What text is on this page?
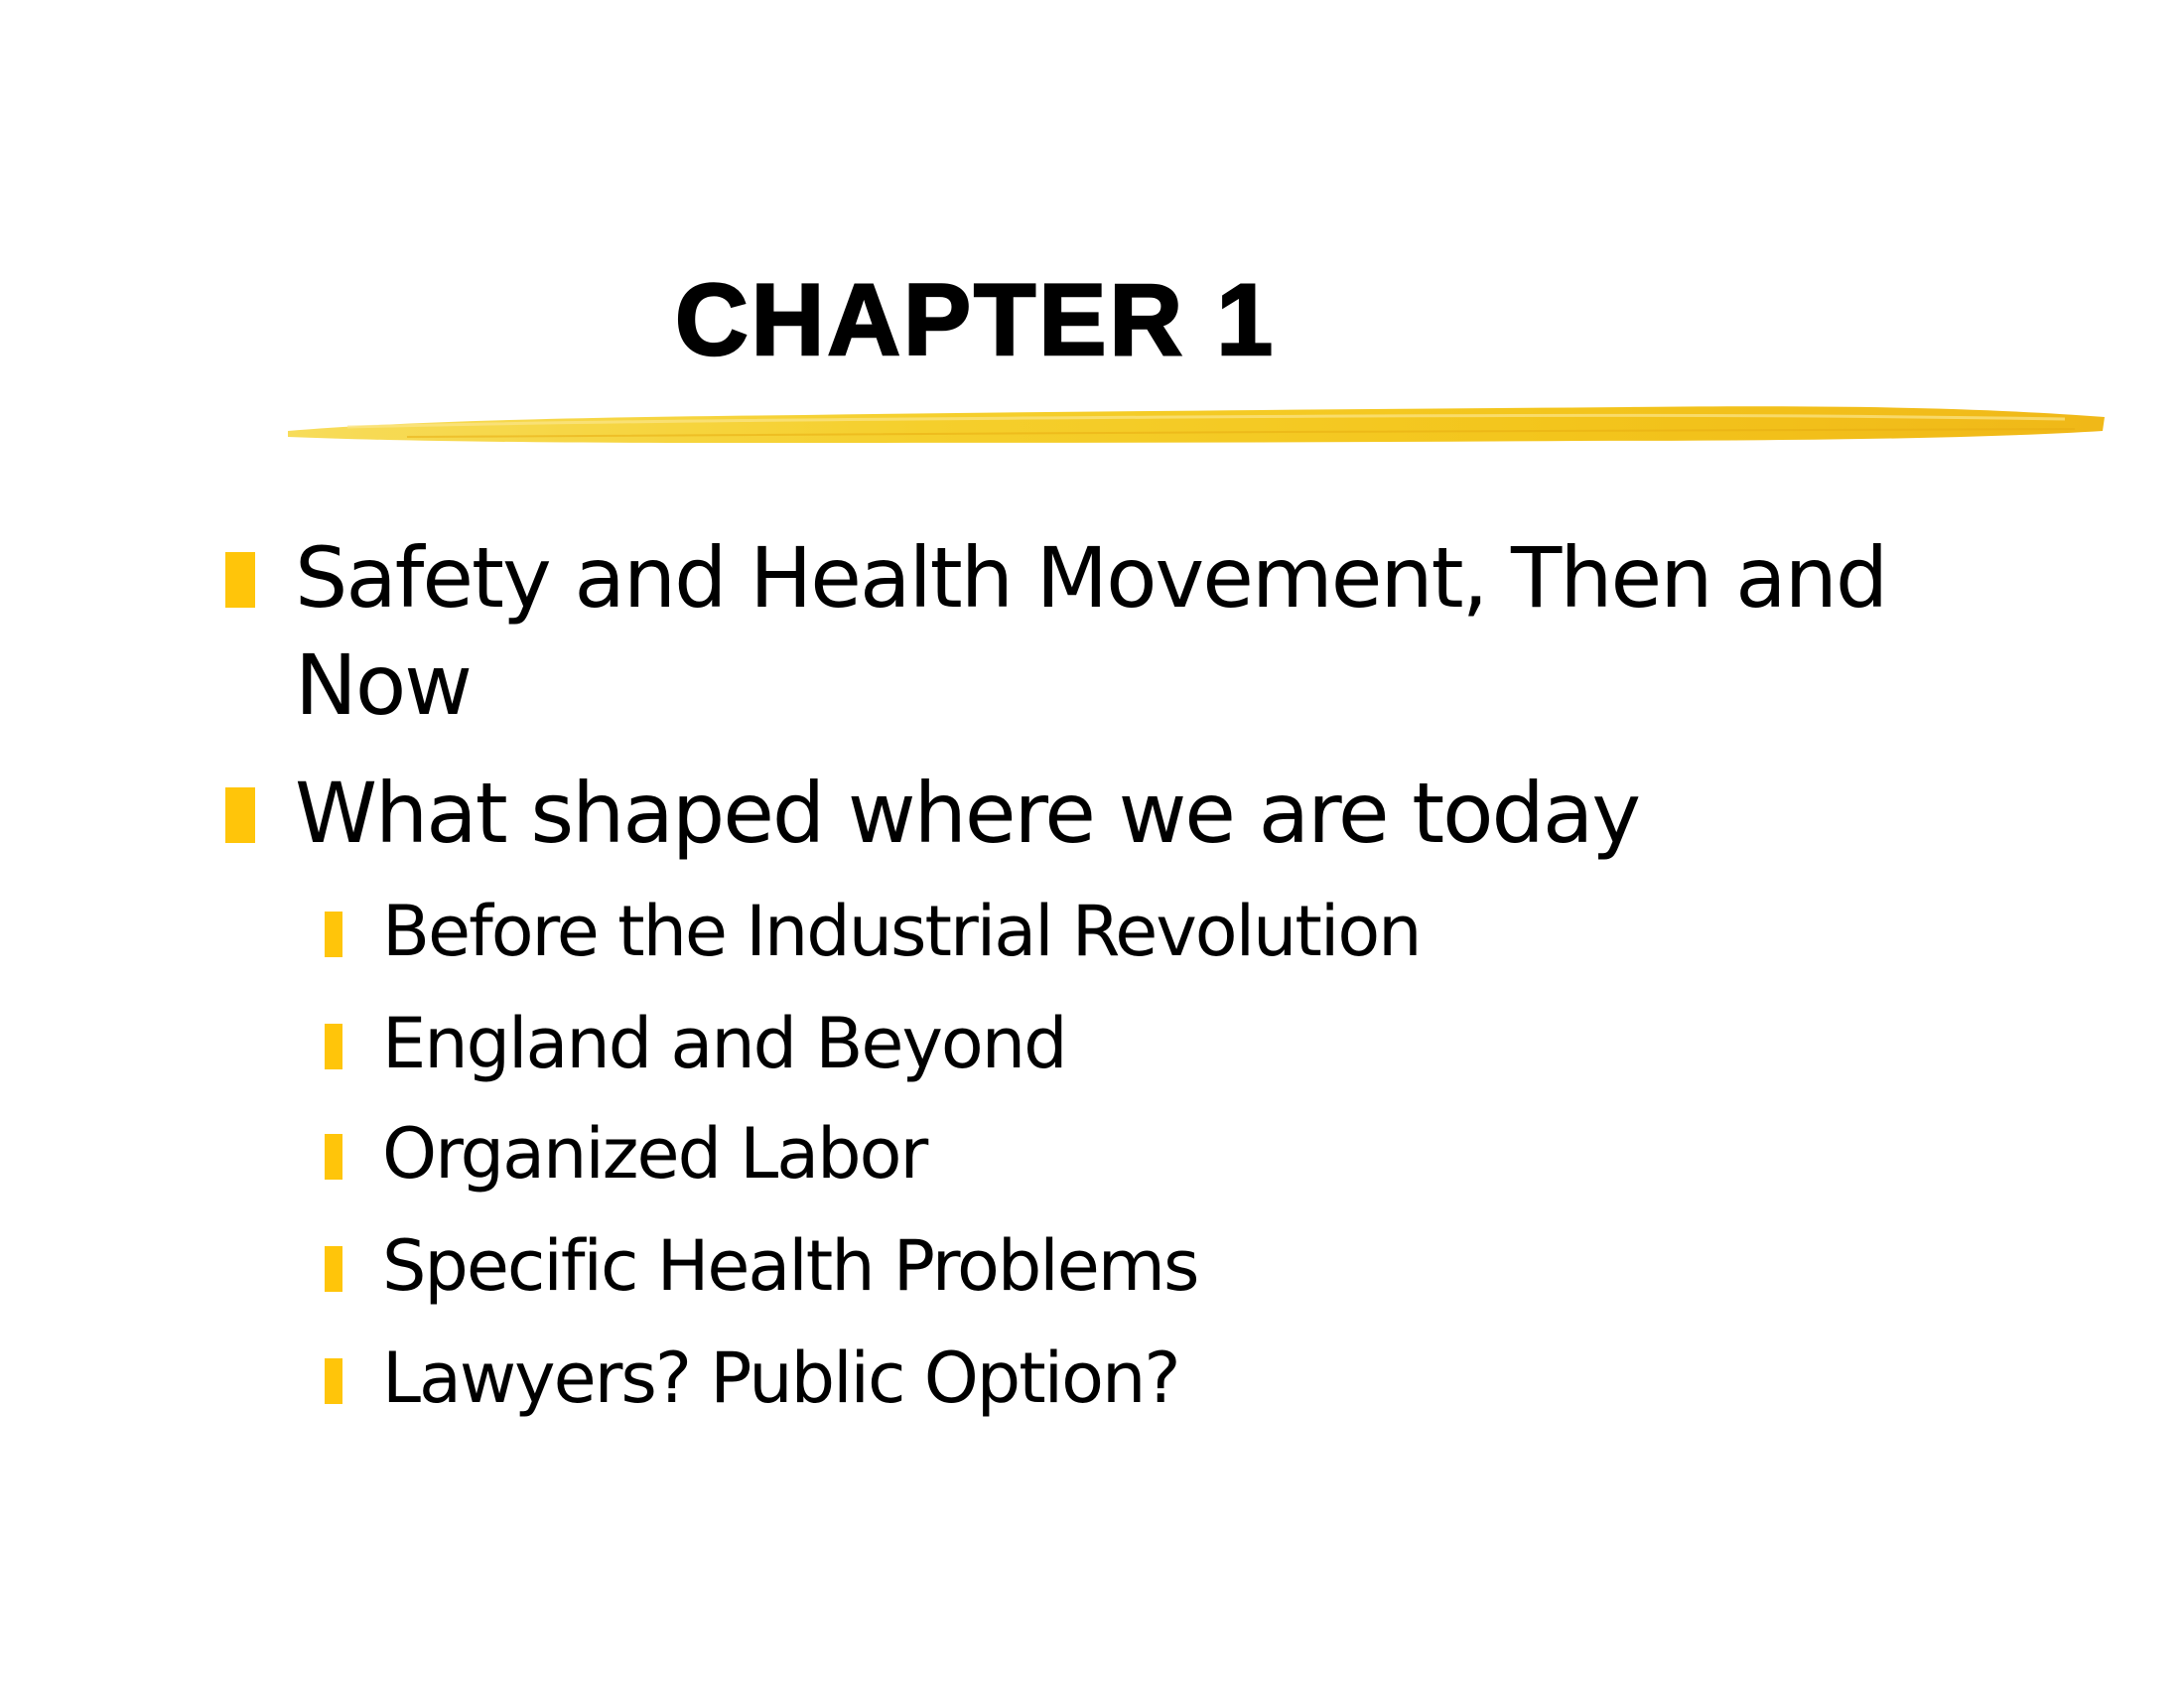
CHAPTER 1
Safety and Health Movement, Then and
Now
What shaped where we are today
Before the Industrial Revolution
England and Beyond
Organized Labor
Specific Health Problems
Lawyers? Public Option?
